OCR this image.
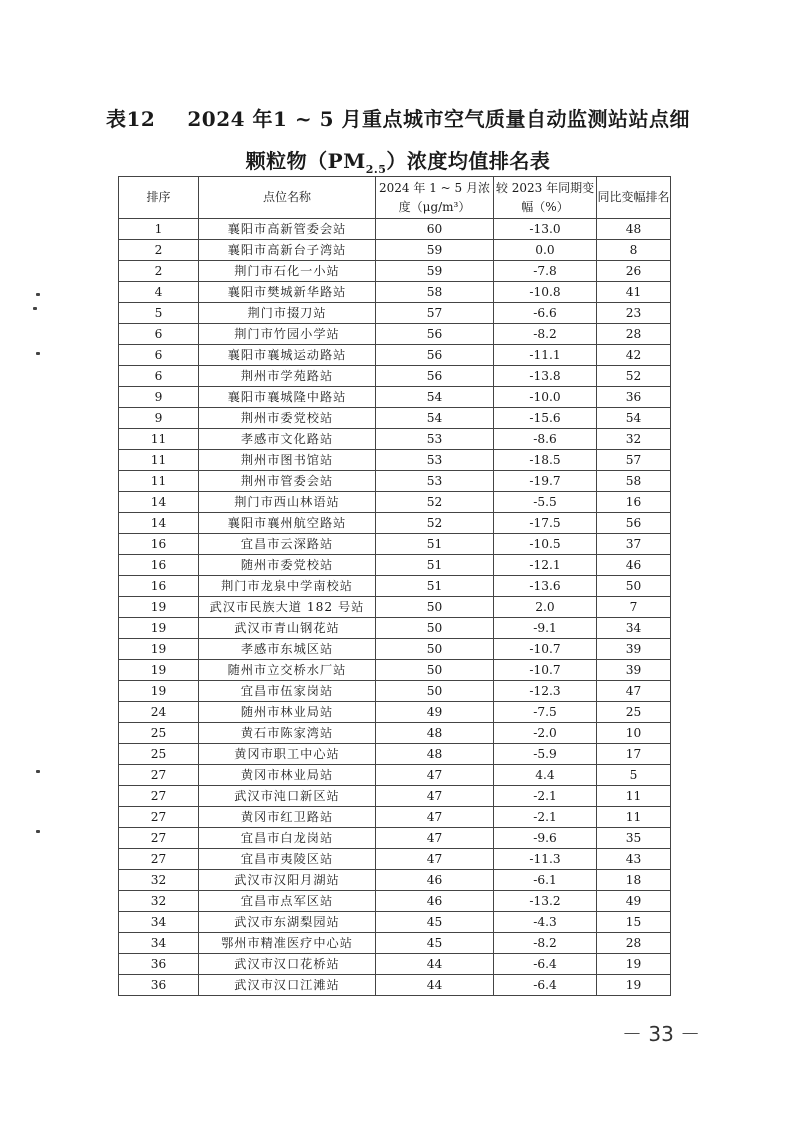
表12 2024 年1 ~ 5 月重点城市空气质量自动监测站站点细
颗粒物$(PM_{2.5})$浓度均值排名表
排序	点位名称	2024 年 1 ~ 5 月浓度（μg/m³）	较 2023 年同期变幅（%）	同比变幅排名
1	襄阳市高新管委会站	60	-13.0	48
2	襄阳市高新台子湾站	59	0.0	8
2	荆门市石化一小站	59	-7.8	26
4	襄阳市樊城新华路站	58	-10.8	41
5	荆门市掇刀站	57	-6.6	23
6	荆门市竹园小学站	56	-8.2	28
6	襄阳市襄城运动路站	56	-11.1	42
6	荆州市学苑路站	56	-13.8	52
9	襄阳市襄城隆中路站	54	-10.0	36
9	荆州市委党校站	54	-15.6	54
11	孝感市文化路站	53	-8.6	32
11	荆州市图书馆站	53	-18.5	57
11	荆州市管委会站	53	-19.7	58
14	荆门市西山林语站	52	-5.5	16
14	襄阳市襄州航空路站	52	-17.5	56
16	宜昌市云深路站	51	-10.5	37
16	随州市委党校站	51	-12.1	46
16	荆门市龙泉中学南校站	51	-13.6	50
19	武汉市民族大道 182 号站	50	2.0	7
19	武汉市青山钢花站	50	-9.1	34
19	孝感市东城区站	50	-10.7	39
19	随州市立交桥水厂站	50	-10.7	39
19	宜昌市伍家岗站	50	-12.3	47
24	随州市林业局站	49	-7.5	25
25	黄石市陈家湾站	48	-2.0	10
25	黄冈市职工中心站	48	-5.9	17
27	黄冈市林业局站	47	4.4	5
27	武汉市沌口新区站	47	-2.1	11
27	黄冈市红卫路站	47	-2.1	11
27	宜昌市白龙岗站	47	-9.6	35
27	宜昌市夷陵区站	47	-11.3	43
32	武汉市汉阳月湖站	46	-6.1	18
32	宜昌市点军区站	46	-13.2	49
34	武汉市东湖梨园站	45	-4.3	15
34	鄂州市精准医疗中心站	45	-8.2	28
36	武汉市汉口花桥站	44	-6.4	19
36	武汉市汉口江滩站	44	-6.4	19
－ 33 －
